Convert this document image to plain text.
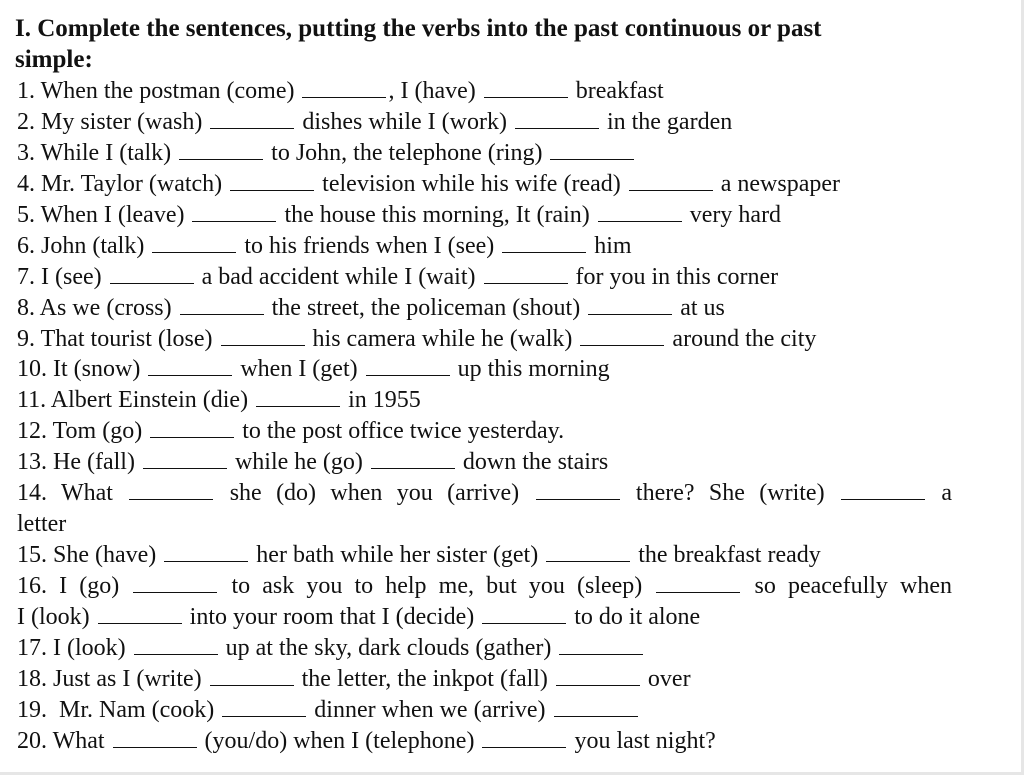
I. Complete the sentences, putting the verbs into the past continuous or past
simple:
1. When the postman (come)	, I (have)	breakfast
2. My sister (wash)	dishes while I (work)	in the garden
3. While I (talk)	to John, the telephone (ring)
4. Mr. Taylor (watch)	television while his wife (read)	a newspaper
5. When I (leave)	the house this morning, It (rain)	very hard
6. John (talk)	to his friends when I (see)	him
7. I (see)	a bad accident while I (wait)	for you in this corner
8. As we (cross)	the street, the policeman (shout)	at us
9. That tourist (lose)	his camera while he (walk)	around the city
10. It (snow)	when I (get)	up this morning
11. Albert Einstein (die)	in 1955
12. Tom (go)	to the post office twice yesterday.
13. He (fall)	while he (go)	down the stairs
14. What	she (do) when you (arrive)	there? She (write)	a
letter
15. She (have)	her bath while her sister (get)	the breakfast ready
16. I (go)	to ask you to help me, but you (sleep)	so peacefully when
I (look)	into your room that I (decide)	to do it alone
17. I (look)	up at the sky, dark clouds (gather)
18. Just as I (write)	the letter, the inkpot (fall)	over
19.  Mr. Nam (cook)	dinner when we (arrive)
20. What	(you/do) when I (telephone)	you last night?
